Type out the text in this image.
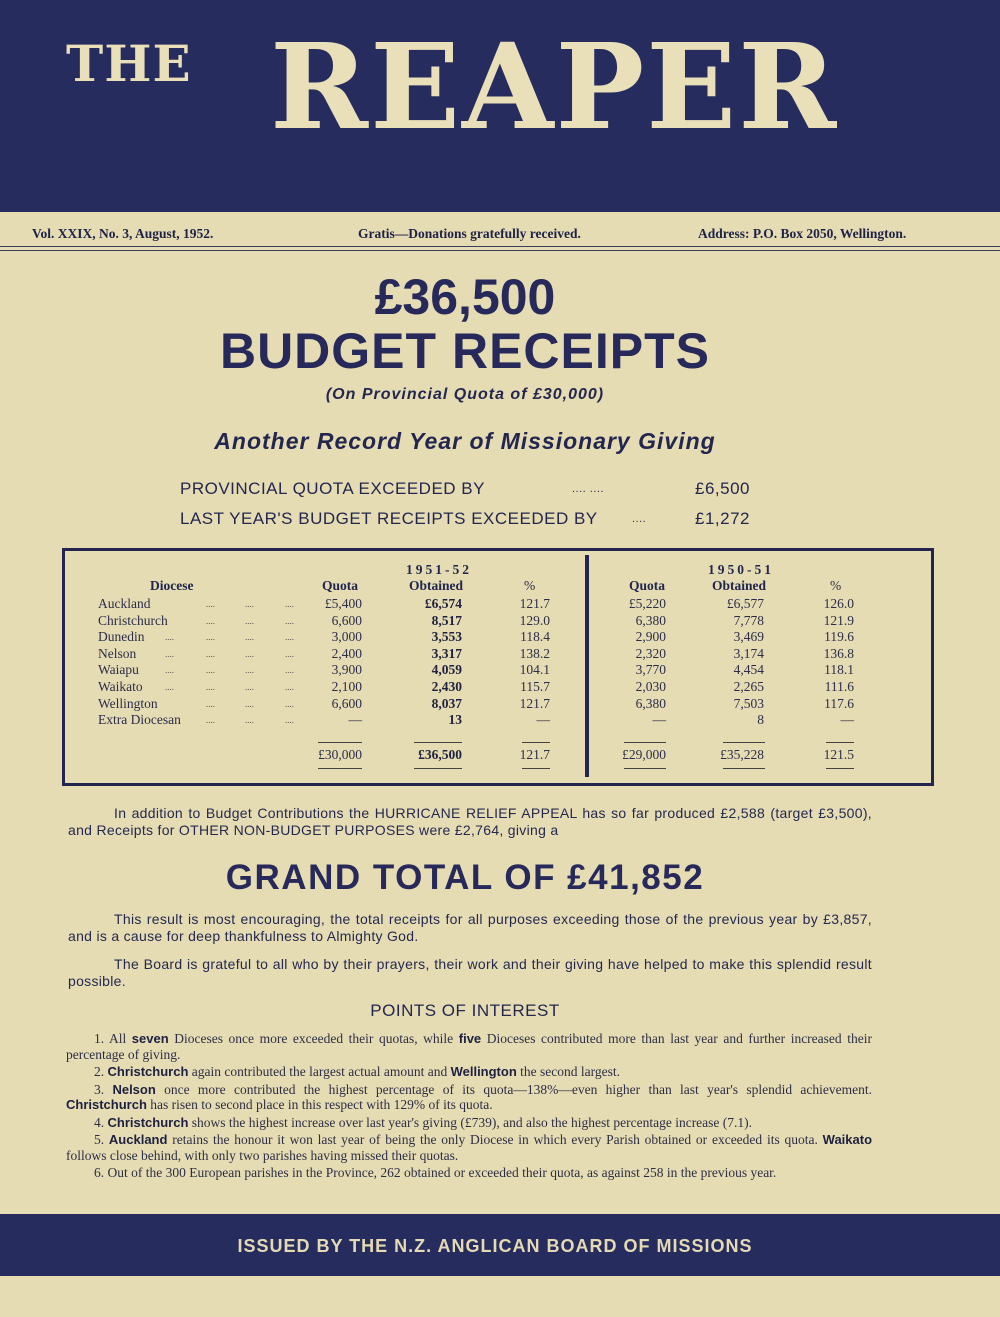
THE REAPER
Vol. XXIX, No. 3, August, 1952.	Gratis—Donations gratefully received.	Address: P.O. Box 2050, Wellington.
£36,500
BUDGET RECEIPTS
(On Provincial Quota of £30,000)
Another Record Year of Missionary Giving
PROVINCIAL QUOTA EXCEEDED BY	.... ....	£6,500
LAST YEAR'S BUDGET RECEIPTS EXCEEDED BY	....	£1,272
Diocese
1951-52
Quota	Obtained	%
1950-51
Quota	Obtained	%
Auckland	....	....	....	£5,400	£6,574	121.7	£5,220	£6,577	126.0
Christchurch	....	....	....	6,600	8,517	129.0	6,380	7,778	121.9
Dunedin ....	....	....	....	3,000	3,553	118.4	2,900	3,469	119.6
Nelson	....	....	....	....	2,400	3,317	138.2	2,320	3,174	136.8
Waiapu	....	....	....	....	3,900	4,059	104.1	3,770	4,454	118.1
Waikato ....	....	....	....	2,100	2,430	115.7	2,030	2,265	111.6
Wellington	....	....	....	6,600	8,037	121.7	6,380	7,503	117.6
Extra Diocesan	....	....	....	—	13	—	—	8	—
£30,000	£36,500	121.7	£29,000	£35,228	121.5
POINTS OF INTEREST
In addition to Budget Contributions the HURRICANE RELIEF APPEAL has so far produced £2,588 (target £3,500), and Receipts for OTHER NON-BUDGET PURPOSES were £2,764, giving a
GRAND TOTAL OF £41,852
This result is most encouraging, the total receipts for all purposes exceeding those of the previous year by £3,857, and is a cause for deep thankfulness to Almighty God.
The Board is grateful to all who by their prayers, their work and their giving have helped to make this splendid result possible.

1. All seven Dioceses once more exceeded their quotas, while five Dioceses contributed more than last year and further increased their percentage of giving.

2. Christchurch again contributed the largest actual amount and Wellington the second largest.

3. Nelson once more contributed the highest percentage of its quota—138%—even higher than last year's splendid achievement. Christchurch has risen to second place in this respect with 129% of its quota.

4. Christchurch shows the highest increase over last year's giving (£739), and also the highest percentage increase (7.1).

5. Auckland retains the honour it won last year of being the only Diocese in which every Parish obtained or exceeded its quota. Waikato follows close behind, with only two parishes having missed their quotas.

6. Out of the 300 European parishes in the Province, 262 obtained or exceeded their quota, as against 258 in the previous year.

ISSUED BY THE N.Z. ANGLICAN BOARD OF MISSIONS
